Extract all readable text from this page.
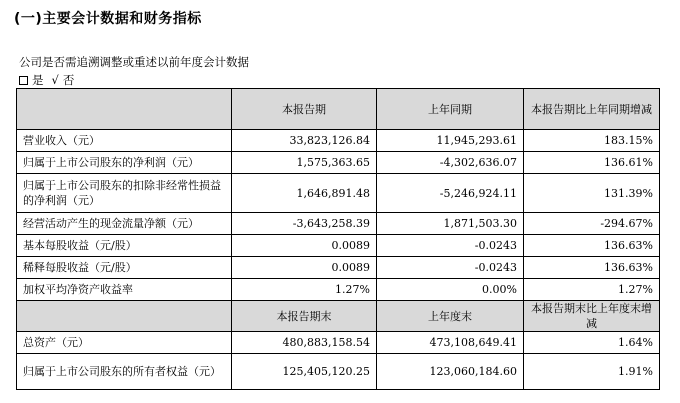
(一)主要会计数据和财务指标
公司是否需追溯调整或重述以前年度会计数据
是 √ 否
	本报告期	上年同期	本报告期比上年同期增减
营业收入（元）	33,823,126.84	11,945,293.61	183.15%
归属于上市公司股东的净利润（元）	1,575,363.65	-4,302,636.07	136.61%
归属于上市公司股东的扣除非经常性损益的净利润（元）	1,646,891.48	-5,246,924.11	131.39%
经营活动产生的现金流量净额（元）	-3,643,258.39	1,871,503.30	-294.67%
基本每股收益（元/股）	0.0089	-0.0243	136.63%
稀释每股收益（元/股）	0.0089	-0.0243	136.63%
加权平均净资产收益率	1.27%	0.00%	1.27%
	本报告期末	上年度末	本报告期末比上年度末增减
总资产（元）	480,883,158.54	473,108,649.41	1.64%
归属于上市公司股东的所有者权益（元）	125,405,120.25	123,060,184.60	1.91%
